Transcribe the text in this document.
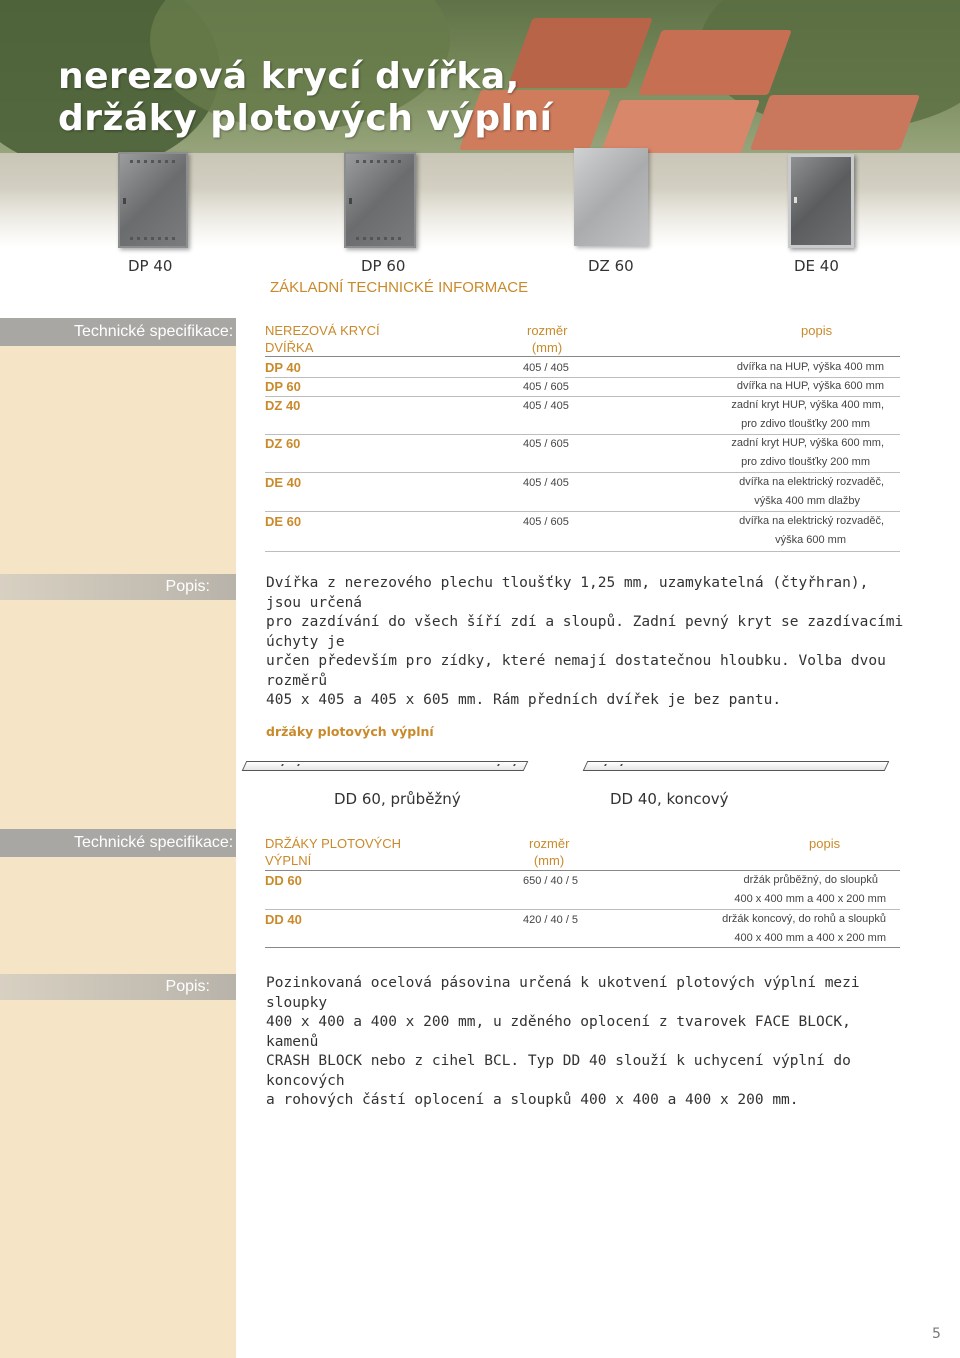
nerezová krycí dvířka,
držáky plotových výplní
DP 40	DP 60	DZ 60	DE 40
ZÁKLADNÍ TECHNICKÉ INFORMACE
Technické specifikace: NEREZOVÁ KRYCÍ
DVÍŘKA
rozměr
(mm)
popis
DP 40	405 / 405	dvířka na HUP, výška 400 mm
DP 60	405 / 605	dvířka na HUP, výška 600 mm
DZ 40	405 / 405	zadní kryt HUP, výška 400 mm,
pro zdivo tloušťky 200 mm
DZ 60	405 / 605	zadní kryt HUP, výška 600 mm,
pro zdivo tloušťky 200 mm
DE 40	405 / 405	dvířka na elektrický rozvaděč,
výška 400 mm dlažby
DE 60	405 / 605	dvířka na elektrický rozvaděč,
výška 600 mm
Popis:	Dvířka z nerezového plechu tloušťky 1,25 mm, uzamykatelná (čtyřhran), jsou určená
pro zazdívání do všech šíří zdí a sloupů. Zadní pevný kryt se zazdívacími úchyty je
určen především pro zídky, které nemají dostatečnou hloubku. Volba dvou rozměrů
405 x 405 a 405 x 605 mm. Rám předních dvířek je bez pantu.
držáky plotových výplní
DD 60, průběžný	DD 40, koncový
Technické specifikace: DRŽÁKY PLOTOVÝCH
VÝPLNÍ
rozměr
(mm)
popis
DD 60	650 / 40 / 5	držák průběžný, do sloupků
400 x 400 mm a 400 x 200 mm
DD 40	420 / 40 / 5	držák koncový, do rohů a sloupků
400 x 400 mm a 400 x 200 mm
Popis:	Pozinkovaná ocelová pásovina určená k ukotvení plotových výplní mezi sloupky
400 x 400 a 400 x 200 mm, u zděného oplocení z tvarovek FACE BLOCK, kamenů
CRASH BLOCK nebo z cihel BCL. Typ DD 40 slouží k uchycení výplní do koncových
a rohových částí oplocení a sloupků 400 x 400 a 400 x 200 mm.
5
